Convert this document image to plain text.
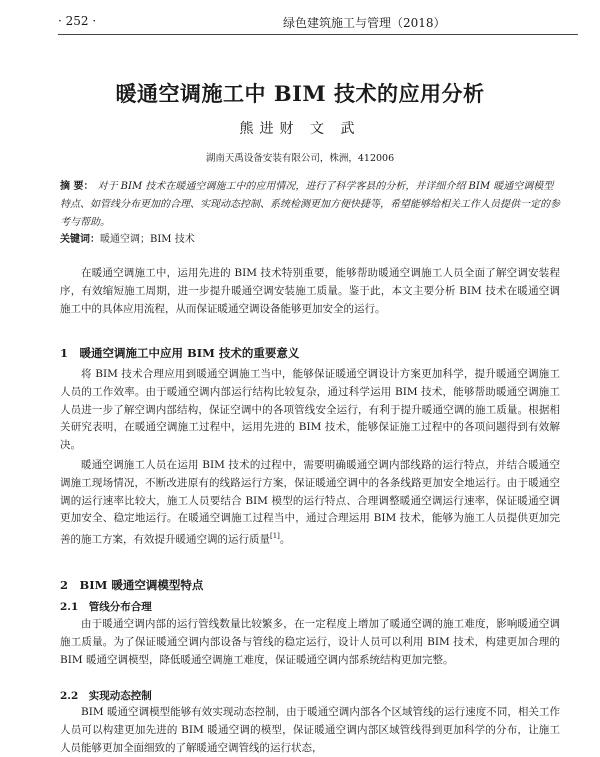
· 252 ·	绿色建筑施工与管理（2018）
暖通空调施工中 BIM 技术的应用分析
熊进财 文 武
湖南天禹设备安装有限公司，株洲，412006
摘 要： 对于 BIM 技术在暖通空调施工中的应用情况，进行了科学客县的分析，并详细介绍 BIM 暖通空调模型特点、如管线分布更加的合理、实现动态控制、系统检测更加方便快捷等，希望能够给相关工作人员提供一定的参考与帮助。
关键词：暖通空调；BIM 技术

在暖通空调施工中，运用先进的 BIM 技术特别重要，能够帮助暖通空调施工人员全面了解空调安装程序，有效缩短施工周期，进一步提升暖通空调安装施工质量。鉴于此，本文主要分析 BIM 技术在暖通空调施工中的具体应用流程，从而保证暖通空调设备能够更加安全的运行。

1　暖通空调施工中应用 BIM 技术的重要意义

将 BIM 技术合理应用到暖通空调施工当中，能够保证暖通空调设计方案更加科学，提升暖通空调施工人员的工作效率。由于暖通空调内部运行结构比较复杂，通过科学运用 BIM 技术，能够帮助暖通空调施工人员进一步了解空调内部结构，保证空调中的各项管线安全运行，有利于提升暖通空调的施工质量。根据相关研究表明，在暖通空调施工过程中，运用先进的 BIM 技术，能够保证施工过程中的各项问题得到有效解决。

暖通空调施工人员在运用 BIM 技术的过程中，需要明确暖通空调内部线路的运行特点，并结合暖通空调施工现场情况，不断改进原有的线路运行方案，保证暖通空调中的各条线路更加安全地运行。由于暖通空调的运行速率比较大，施工人员要结合 BIM 模型的运行特点、合理调整暖通空调运行速率，保证暖通空调更加安全、稳定地运行。在暖通空调施工过程当中，通过合理运用 BIM 技术，能够为施工人员提供更加完善的施工方案，有效提升暖通空调的运行质量[1]。

2　BIM 暖通空调模型特点
2.1　管线分布合理

由于暖通空调内部的运行管线数量比较繁多，在一定程度上增加了暖通空调的施工难度，影响暖通空调施工质量。为了保证暖通空调内部设备与管线的稳定运行，设计人员可以利用 BIM 技术，构建更加合理的 BIM 暖通空调模型，降低暖通空调施工难度，保证暖通空调内部系统结构更加完整。

2.2　实现动态控制

BIM 暖通空调模型能够有效实现动态控制，由于暖通空调内部各个区域管线的运行速度不同，相关工作人员可以构建更加先进的 BIM 暖通空调的模型，保证暖通空调内部区域管线得到更加科学的分布，让施工人员能够更加全面细致的了解暖通空调管线的运行状态，
